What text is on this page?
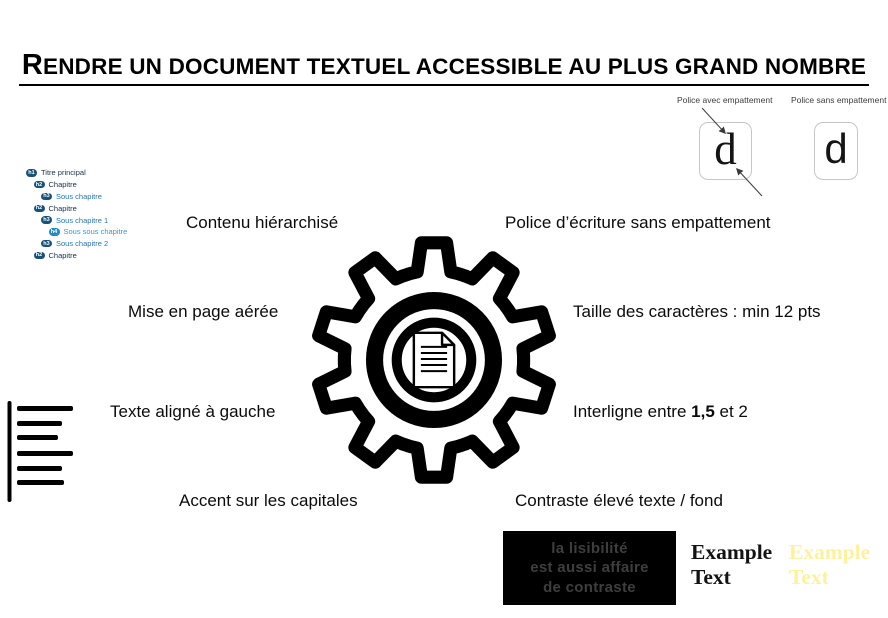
RENDRE UN DOCUMENT TEXTUEL ACCESSIBLE AU PLUS GRAND NOMBRE
Police avec empattement Police sans empattement
d d
h1 Titre principal
h2 Chapitre
h3 Sous chapitre
h2 Chapitre
h3 Sous chapitre 1
h4 Sous sous chapitre
h3 Sous chapitre 2
h2 Chapitre
Contenu hiérarchisé	Police d’écriture sans empattement
Mise en page aérée	Taille des caractères : min 12 pts
Texte aligné à gauche	Interligne entre 1,5 et 2
Accent sur les capitales	Contraste élevé texte / fond
la lisibilité
est aussi affaire
de contraste
Example Text
Example Text
